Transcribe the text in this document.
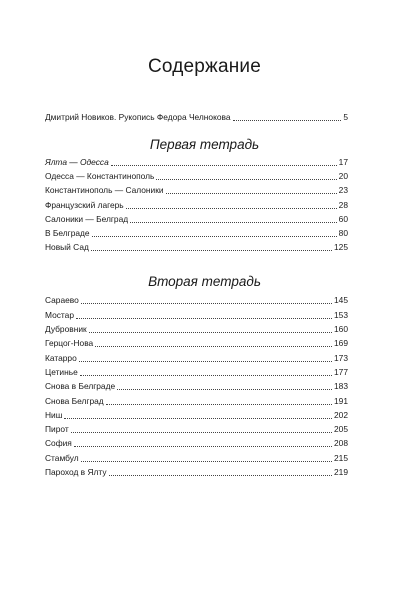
Содержание
Дмитрий Новиков. Рукопись Федора Челнокова	5
Первая тетрадь
Ялта — Одесса	17
Одесса — Константинополь	20
Константинополь — Салоники	23
Французский лагерь	28
Салоники — Белград	60
В Белграде	80
Новый Сад	125
Вторая тетрадь
Сараево	145
Мостар	153
Дубровник	160
Герцог-Нова	169
Катарро	173
Цетинье	177
Снова в Белграде	183
Снова Белград	191
Ниш	202
Пирот	205
София	208
Стамбул	215
Пароход в Ялту	219
